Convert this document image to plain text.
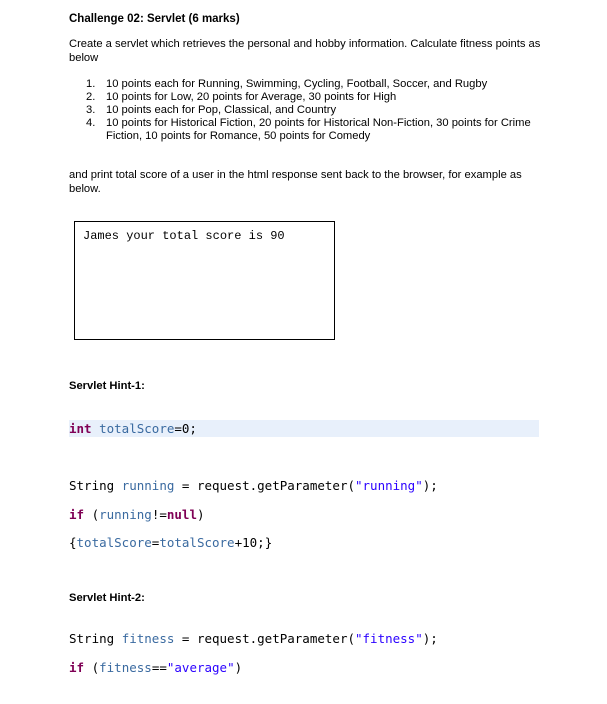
Challenge 02: Servlet (6 marks)
Create a servlet which retrieves the personal and hobby information. Calculate fitness points as below
1. 10 points each for Running, Swimming, Cycling, Football, Soccer, and Rugby
2. 10 points for Low, 20 points for Average, 30 points for High
3. 10 points each for Pop, Classical, and Country
4. 10 points for Historical Fiction, 20 points for Historical Non-Fiction, 30 points for Crime Fiction, 10 points for Romance, 50 points for Comedy
and print total score of a user in the html response sent back to the browser, for example as below.
James your total score is 90
Servlet Hint-1:
int totalScore=0;
String running = request.getParameter("running");
if (running!=null)
{totalScore=totalScore+10;}
Servlet Hint-2:
String fitness = request.getParameter("fitness");
if (fitness=="average")
